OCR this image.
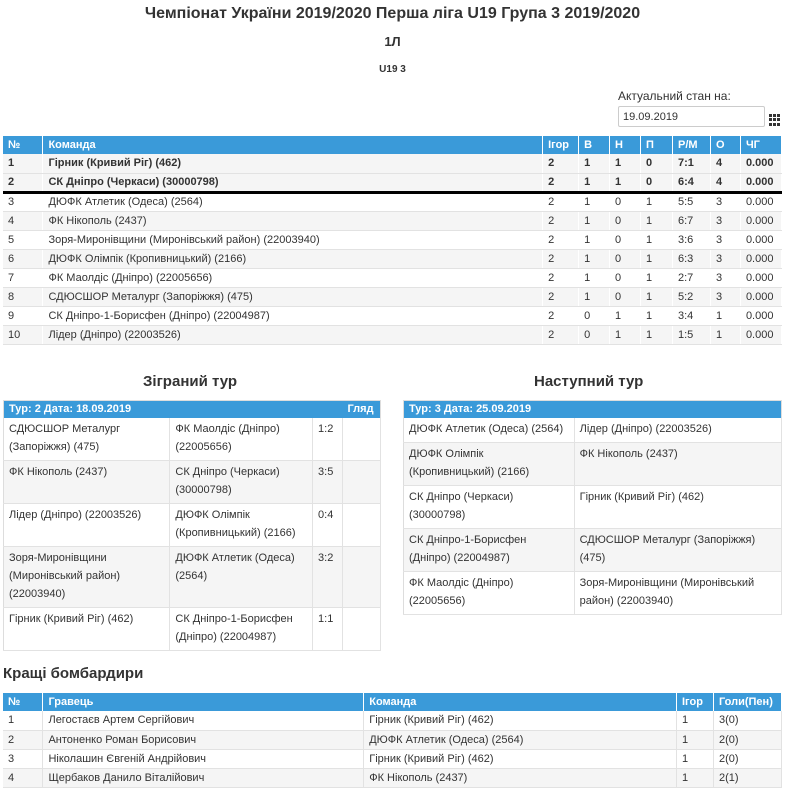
Чемпіонат України 2019/2020 Перша ліга U19 Група 3 2019/2020
1Л
U19 3
Актуальний стан на:
19.09.2019
№	Команда	Ігор	В	Н	П	Р/М	О	ЧГ
1	Гірник (Кривий Ріг) (462)	2	1	1	0	7:1	4	0.000
2	СК Дніпро (Черкаси) (30000798)	2	1	1	0	6:4	4	0.000
3	ДЮФК Атлетик (Одеса) (2564)	2	1	0	1	5:5	3	0.000
4	ФК Нікополь (2437)	2	1	0	1	6:7	3	0.000
5	Зоря-Миронівщини (Миронівський район) (22003940)	2	1	0	1	3:6	3	0.000
6	ДЮФК Олімпік (Кропивницький) (2166)	2	1	0	1	6:3	3	0.000
7	ФК Маолдіс (Дніпро) (22005656)	2	1	0	1	2:7	3	0.000
8	СДЮСШОР Металург (Запоріжжя) (475)	2	1	0	1	5:2	3	0.000
9	СК Дніпро-1-Борисфен (Дніпро) (22004987)	2	0	1	1	3:4	1	0.000
10	Лідер (Дніпро) (22003526)	2	0	1	1	1:5	1	0.000
Зіграний тур	Наступний тур
Тур: 2 Дата: 18.09.2019			Гляд
СДЮСШОР Металург (Запоріжжя) (475)	ФК Маолдіс (Дніпро) (22005656)	1:2	
ФК Нікополь (2437)	СК Дніпро (Черкаси) (30000798)	3:5	
Лідер (Дніпро) (22003526)	ДЮФК Олімпік (Кропивницький) (2166)	0:4	
Зоря-Миронівщини (Миронівський район) (22003940)	ДЮФК Атлетик (Одеса) (2564)	3:2	
Гірник (Кривий Ріг) (462)	СК Дніпро-1-Борисфен (Дніпро) (22004987)	1:1	
Тур: 3 Дата: 25.09.2019	
ДЮФК Атлетик (Одеса) (2564)	Лідер (Дніпро) (22003526)
ДЮФК Олімпік (Кропивницький) (2166)	ФК Нікополь (2437)
СК Дніпро (Черкаси) (30000798)	Гірник (Кривий Ріг) (462)
СК Дніпро-1-Борисфен (Дніпро) (22004987)	СДЮСШОР Металург (Запоріжжя) (475)
ФК Маолдіс (Дніпро) (22005656)	Зоря-Миронівщини (Миронівський район) (22003940)
Кращі бомбардири
№	Гравець	Команда	Ігор	Голи(Пен)
1	Легостаєв Артем Сергійович	Гірник (Кривий Ріг) (462)	1	3(0)
2	Антоненко Роман Борисович	ДЮФК Атлетик (Одеса) (2564)	1	2(0)
3	Ніколашин Євгеній Андрійович	Гірник (Кривий Ріг) (462)	1	2(0)
4	Щербаков Данило Віталійович	ФК Нікополь (2437)	1	2(1)
